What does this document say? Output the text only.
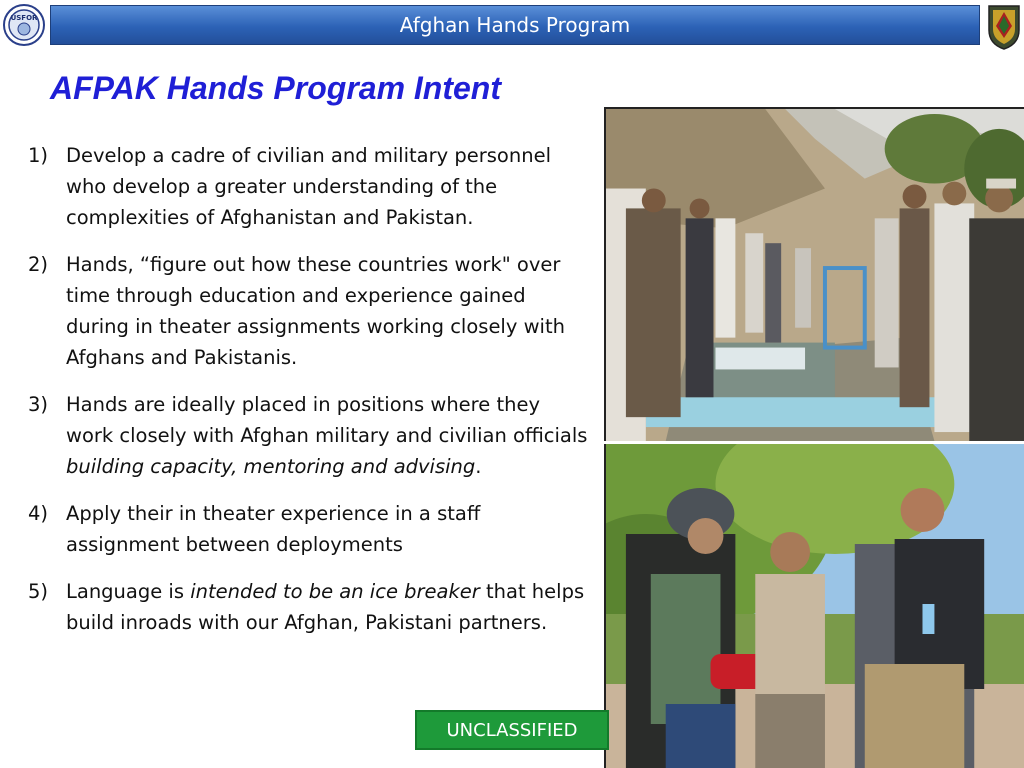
USFOR	Afghan Hands Program
AFPAK Hands Program Intent
1) Develop a cadre of civilian and military personnel who develop a greater understanding of the complexities of Afghanistan and Pakistan.
2) Hands, “figure out how these countries work" over time through education and experience gained during in theater assignments working closely with Afghans and Pakistanis.
3) Hands are ideally placed in positions where they work closely with Afghan military and civilian officials building capacity, mentoring and advising.
4) Apply their in theater experience in a staff assignment between deployments
5) Language is intended to be an ice breaker that helps build inroads with our Afghan, Pakistani partners.
UNCLASSIFIED
